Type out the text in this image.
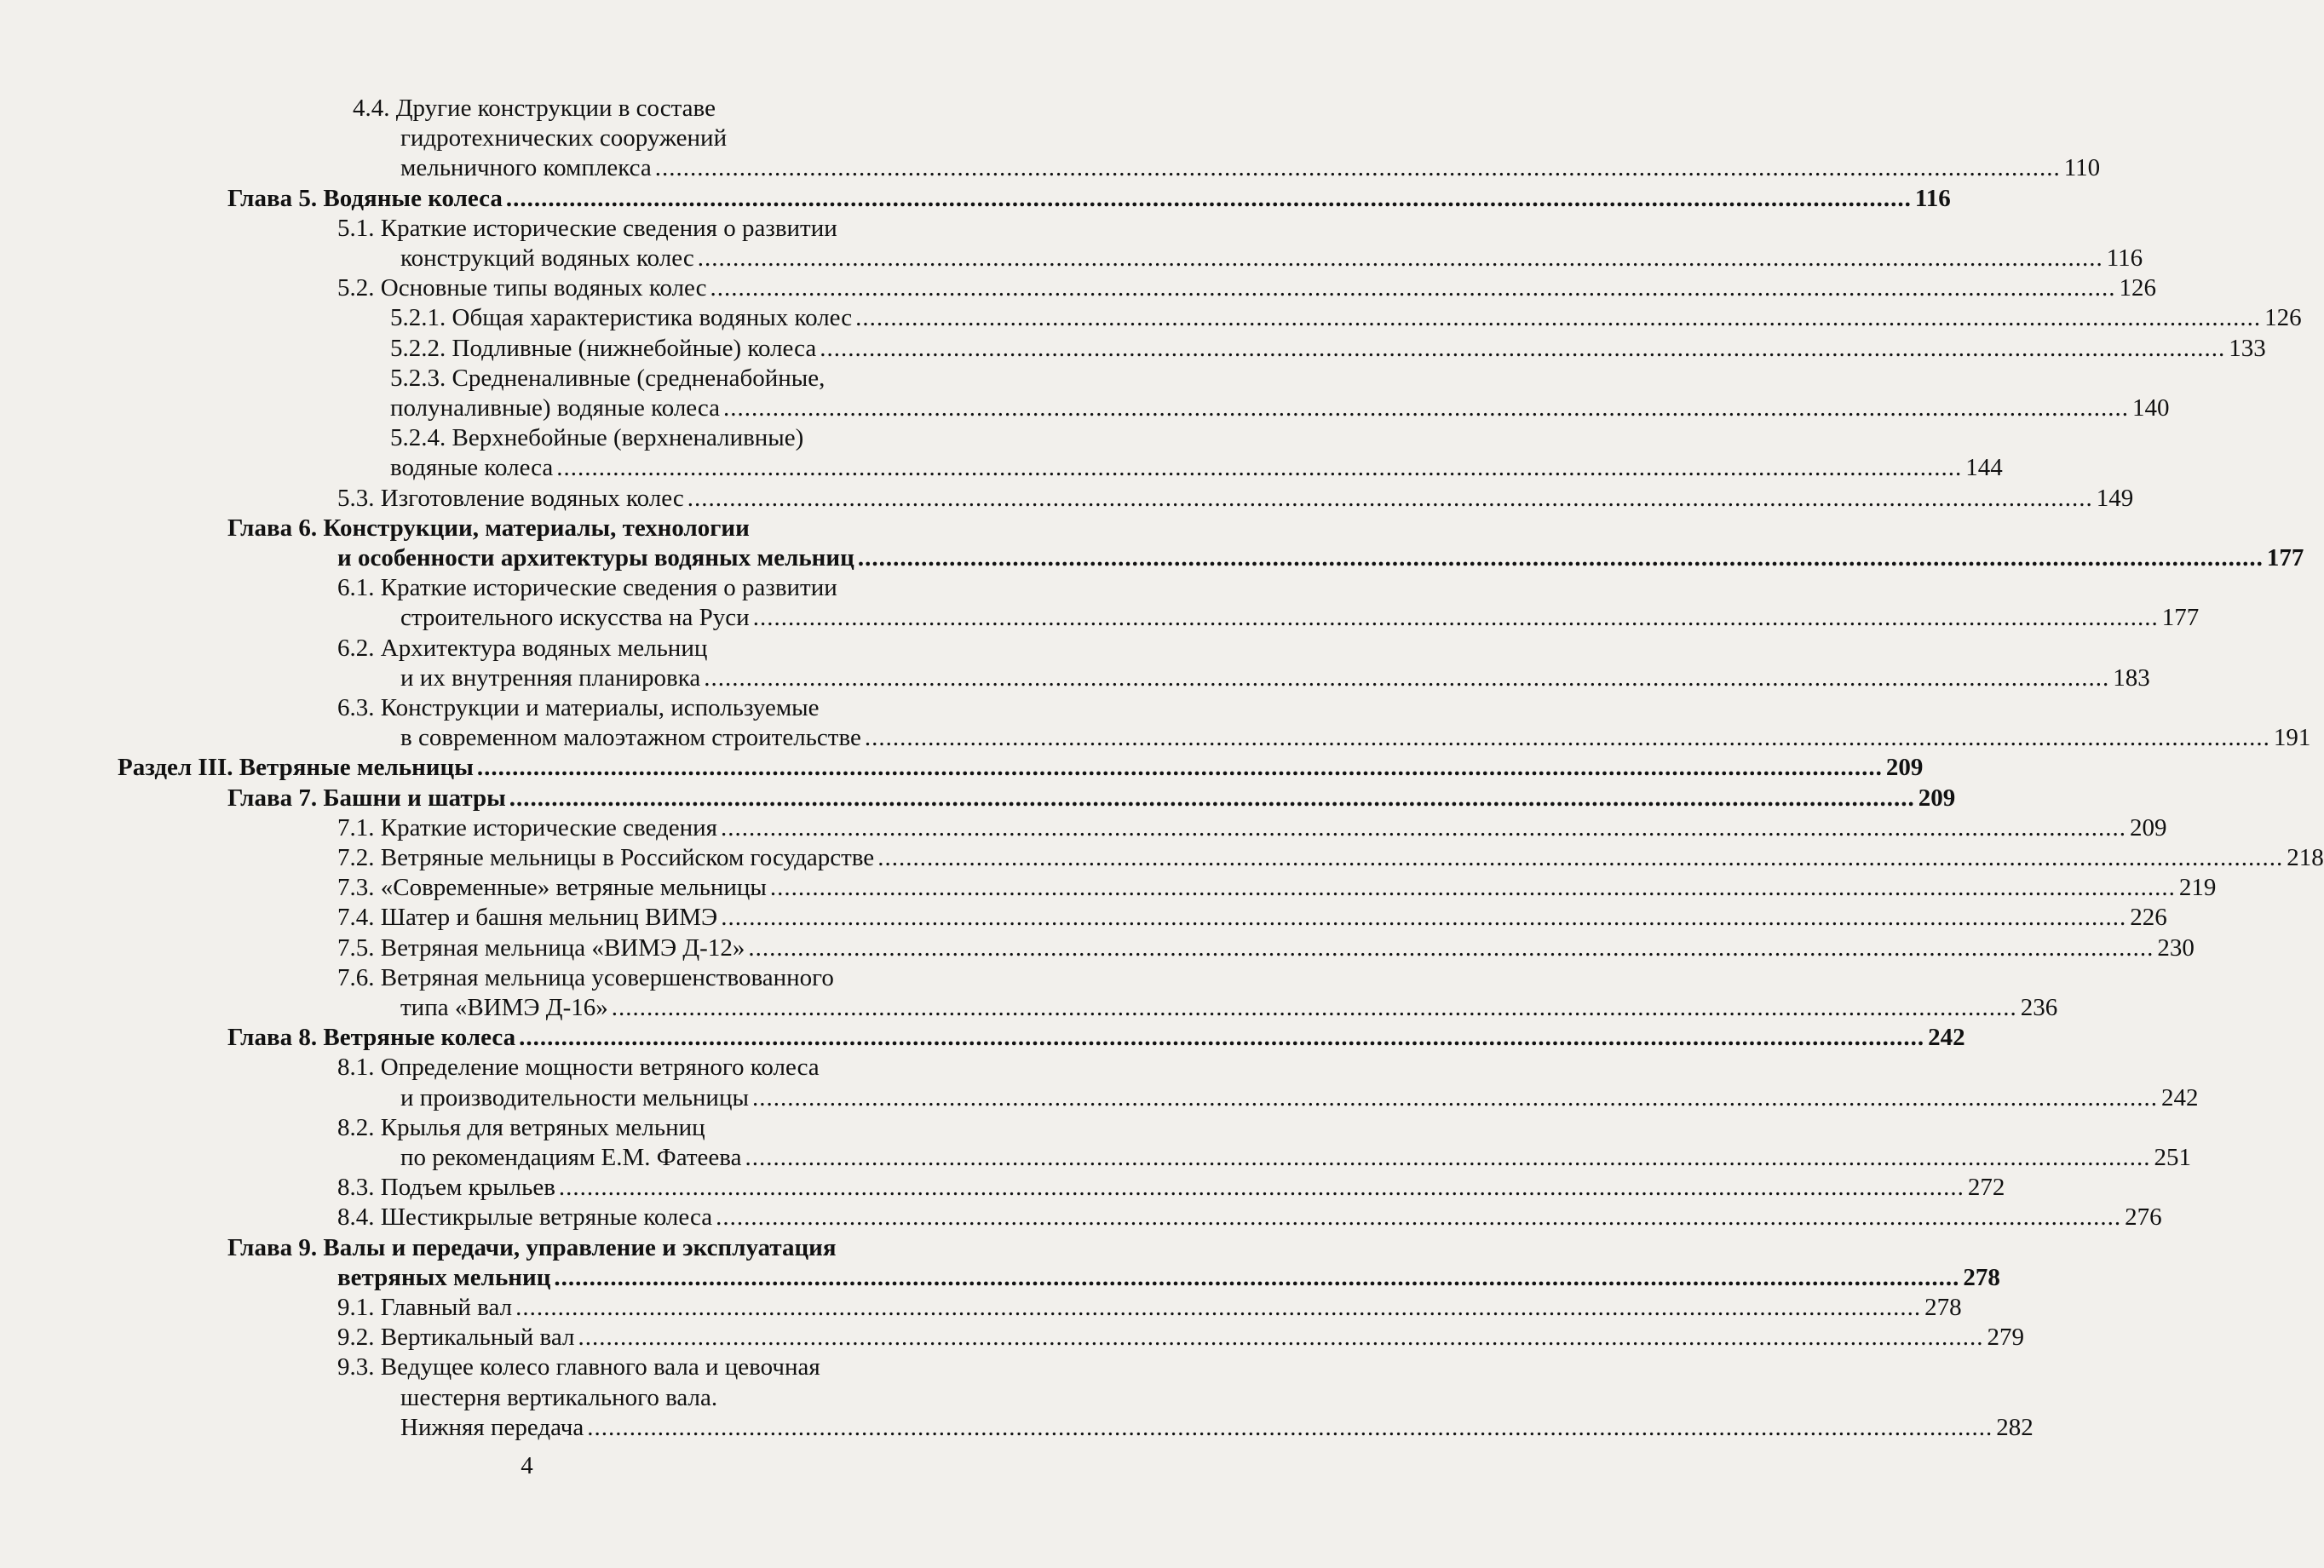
4.4. Другие конструкции в составе
гидротехнических сооружений
мельничного комплекса ........................................................................................................................................................................................................ 110
Глава 5. Водяные колеса ........................................................................................................................................................................................................ 116
5.1. Краткие исторические сведения о развитии
конструкций водяных колес ........................................................................................................................................................................................................ 116
5.2. Основные типы водяных колес ........................................................................................................................................................................................................ 126
5.2.1. Общая характеристика водяных колес ........................................................................................................................................................................................................ 126
5.2.2. Подливные (нижнебойные) колеса ........................................................................................................................................................................................................ 133
5.2.3. Средненаливные (средненабойные,
полуналивные) водяные колеса ........................................................................................................................................................................................................ 140
5.2.4. Верхнебойные (верхненаливные)
водяные колеса ........................................................................................................................................................................................................ 144
5.3. Изготовление водяных колес ........................................................................................................................................................................................................ 149
Глава 6. Конструкции, материалы, технологии
и особенности архитектуры водяных мельниц ........................................................................................................................................................................................................ 177
6.1. Краткие исторические сведения о развитии
строительного искусства на Руси ........................................................................................................................................................................................................ 177
6.2. Архитектура водяных мельниц
и их внутренняя планировка ........................................................................................................................................................................................................ 183
6.3. Конструкции и материалы, используемые
в современном малоэтажном строительстве ........................................................................................................................................................................................................ 191
Раздел III. Ветряные мельницы ........................................................................................................................................................................................................ 209
Глава 7. Башни и шатры ........................................................................................................................................................................................................ 209
7.1. Краткие исторические сведения ........................................................................................................................................................................................................ 209
7.2. Ветряные мельницы в Российском государстве ........................................................................................................................................................................................................ 218
7.3. «Современные» ветряные мельницы ........................................................................................................................................................................................................ 219
7.4. Шатер и башня мельниц ВИМЭ ........................................................................................................................................................................................................ 226
7.5. Ветряная мельница «ВИМЭ Д-12» ........................................................................................................................................................................................................ 230
7.6. Ветряная мельница усовершенствованного
типа «ВИМЭ Д-16» ........................................................................................................................................................................................................ 236
Глава 8. Ветряные колеса ........................................................................................................................................................................................................ 242
8.1. Определение мощности ветряного колеса
и производительности мельницы ........................................................................................................................................................................................................ 242
8.2. Крылья для ветряных мельниц
по рекомендациям Е.М. Фатеева ........................................................................................................................................................................................................ 251
8.3. Подъем крыльев ........................................................................................................................................................................................................ 272
8.4. Шестикрылые ветряные колеса ........................................................................................................................................................................................................ 276
Глава 9. Валы и передачи, управление и эксплуатация
ветряных мельниц ........................................................................................................................................................................................................ 278
9.1. Главный вал ........................................................................................................................................................................................................ 278
9.2. Вертикальный вал ........................................................................................................................................................................................................ 279
9.3. Ведущее колесо главного вала и цевочная
шестерня вертикального вала.
Нижняя передача ........................................................................................................................................................................................................ 282
4
